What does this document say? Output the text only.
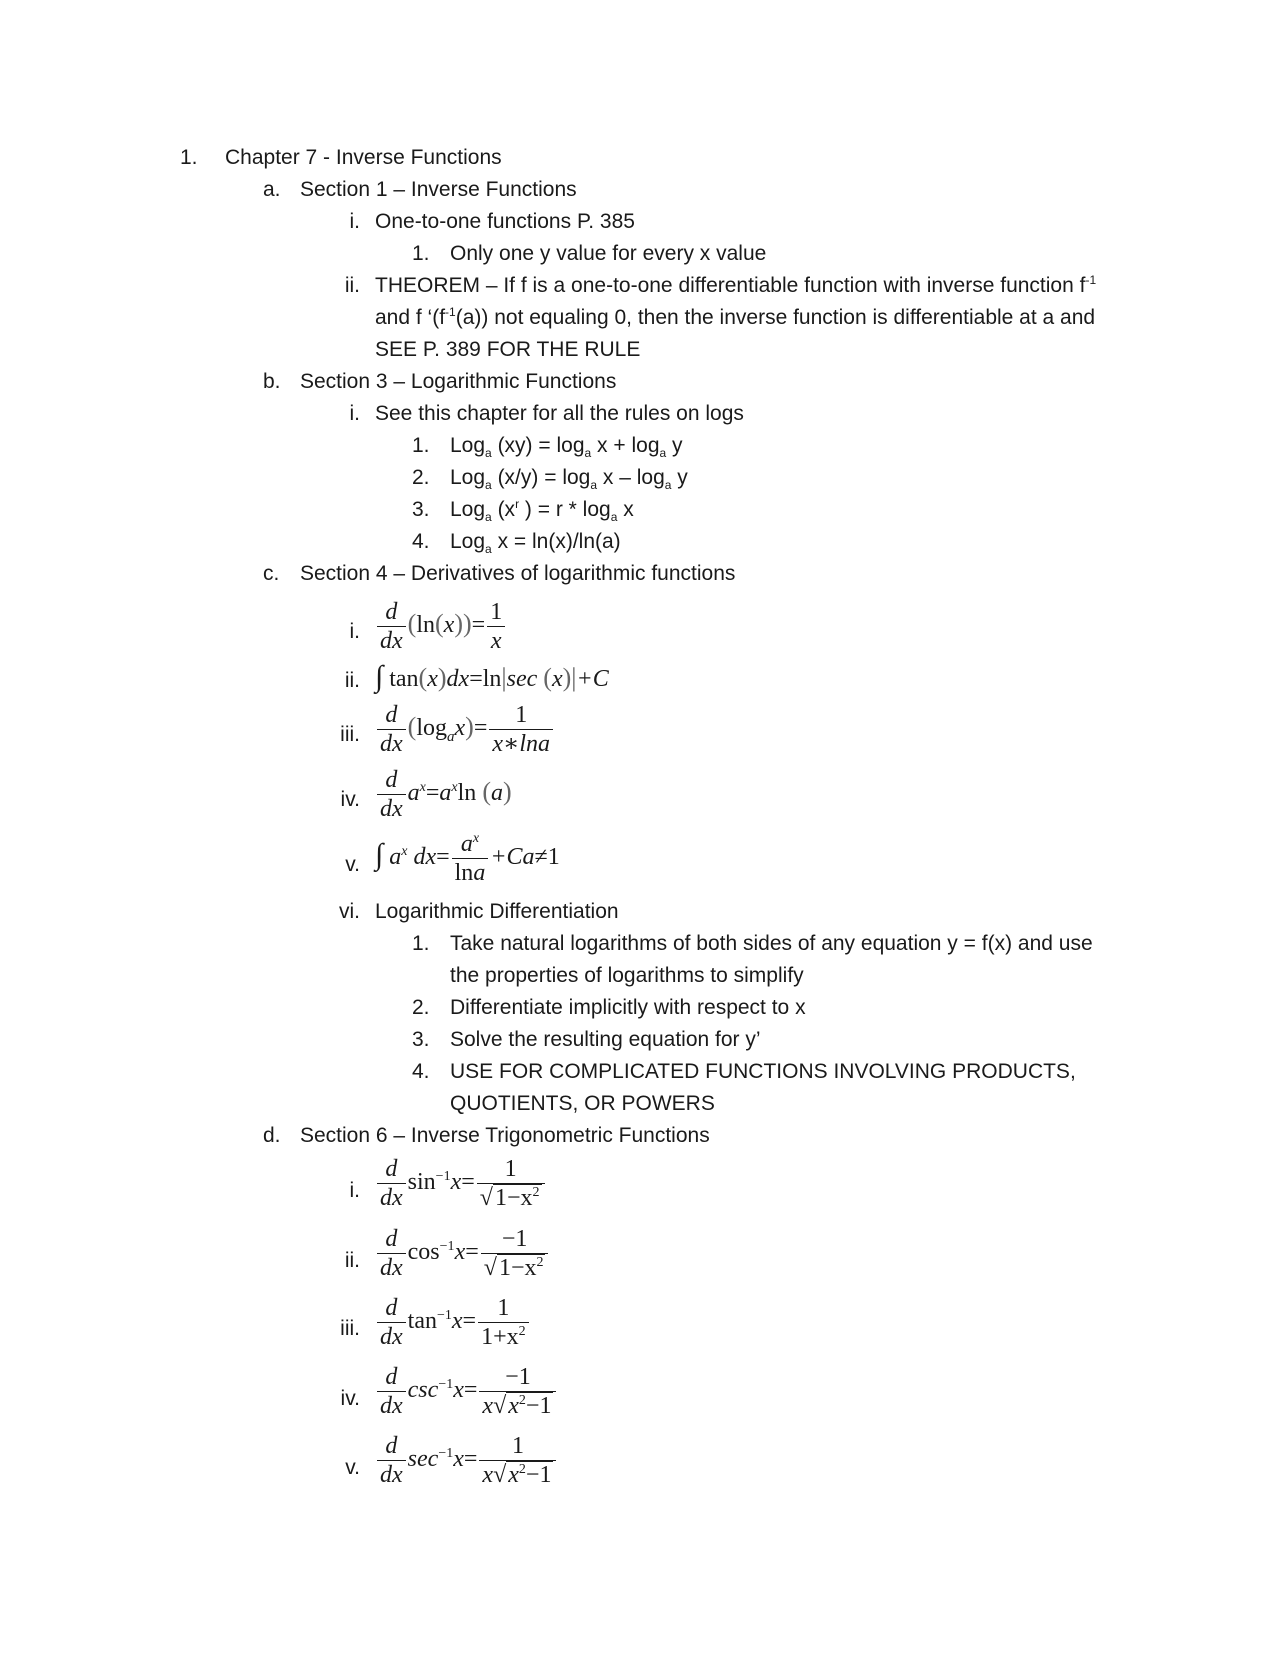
1.	Chapter 7 - Inverse Functions
a. Section 1 – Inverse Functions
i. One-to-one functions P. 385
1. Only one y value for every x value
ii. THEOREM – If f is a one-to-one differentiable function with inverse function $f^{-1}$
and f ‘$(f^{-1}(a))$ not equaling 0, then the inverse function is differentiable at a and
SEE P. 389 FOR THE RULE
b. Section 3 – Logarithmic Functions
i. See this chapter for all the rules on logs
1. Log$_a$ $(xy) = \log_a x + \log_a y$
2. Log$_a$ $(x/y) = \log_a x - \log_a y$
3. Log$_a$ ($x^r$ ) = r * $\log_a x$
4. Log$_a$ x = ln(x)/ln(a)
c. Section 4 – Derivatives of logarithmic functions
i. $\frac{d}{dx} (\ln(x))= \frac{1}{x}$
ii. ∫ tan(x)dx=ln|sec (x)|+C
iii. $\frac{d}{dx} (\log_ax)= \frac{1}{x∗\ln a}$
iv. $\frac{d}{dx} a^x=a^x\ln$ (a)
v. ∫ $a^x$ $dx= \frac{a^x}{\ln a} +Ca\ne 1$
vi. Logarithmic Differentiation
1. Take natural logarithms of both sides of any equation y = f(x) and use
the properties of logarithms to simplify
2. Differentiate implicitly with respect to x
3. Solve the resulting equation for y’
4. USE FOR COMPLICATED FUNCTIONS INVOLVING PRODUCTS,
QUOTIENTS, OR POWERS
d. Section 6 – Inverse Trigonometric Functions
i. $\frac{d}{dx} \sin^{-1}x= \frac{1}{√1-x^2}$
ii. $\frac{d}{dx} \cos^{-1}x= \frac{-1}{√1-x^2}$
iii. $\frac{d}{dx} \tan^{-1}x= \frac{1}{1+x^2}$
iv. $\frac{d}{dx} \csc^{-1}x= \frac{-1}{x√x^2-1}$
v. $\frac{d}{dx} \sec^{-1}x= \frac{1}{x√x^2-1}$
